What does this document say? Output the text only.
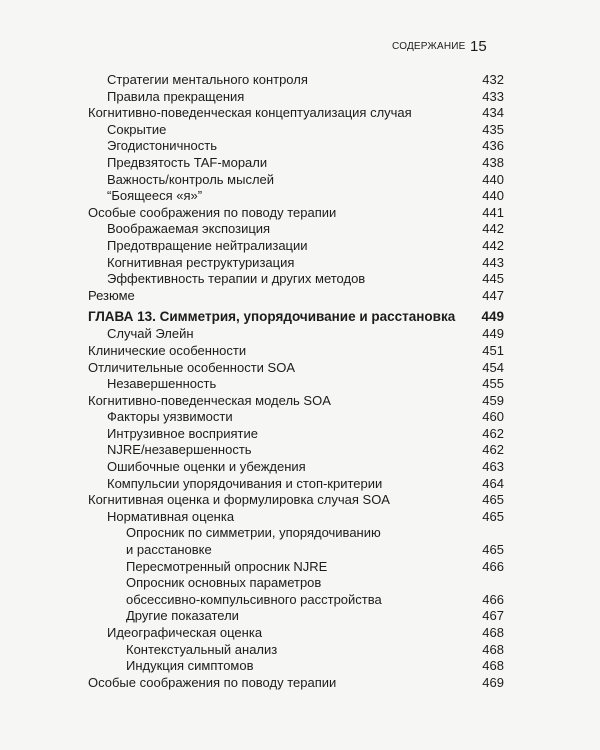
СОДЕРЖАНИЕ 15
Стратегии ментального контроля	432
Правила прекращения	433
Когнитивно-поведенческая концептуализация случая	434
Сокрытие	435
Эгодистоничность	436
Предвзятость TAF-морали	438
Важность/контроль мыслей	440
“Боящееся «я»”	440
Особые соображения по поводу терапии	441
Воображаемая экспозиция	442
Предотвращение нейтрализации	442
Когнитивная реструктуризация	443
Эффективность терапии и других методов	445
Резюме	447
ГЛАВА 13. Симметрия, упорядочивание и расстановка	449
Случай Элейн	449
Клинические особенности	451
Отличительные особенности SOA	454
Незавершенность	455
Когнитивно-поведенческая модель SOA	459
Факторы уязвимости	460
Интрузивное восприятие	462
NJRE/незавершенность	462
Ошибочные оценки и убеждения	463
Компульсии упорядочивания и стоп-критерии	464
Когнитивная оценка и формулировка случая SOA	465
Нормативная оценка	465
Опросник по симметрии, упорядочиванию
и расстановке	465
Пересмотренный опросник NJRE	466
Опросник основных параметров
обсессивно-компульсивного расстройства	466
Другие показатели	467
Идеографическая оценка	468
Контекстуальный анализ	468
Индукция симптомов	468
Особые соображения по поводу терапии	469
